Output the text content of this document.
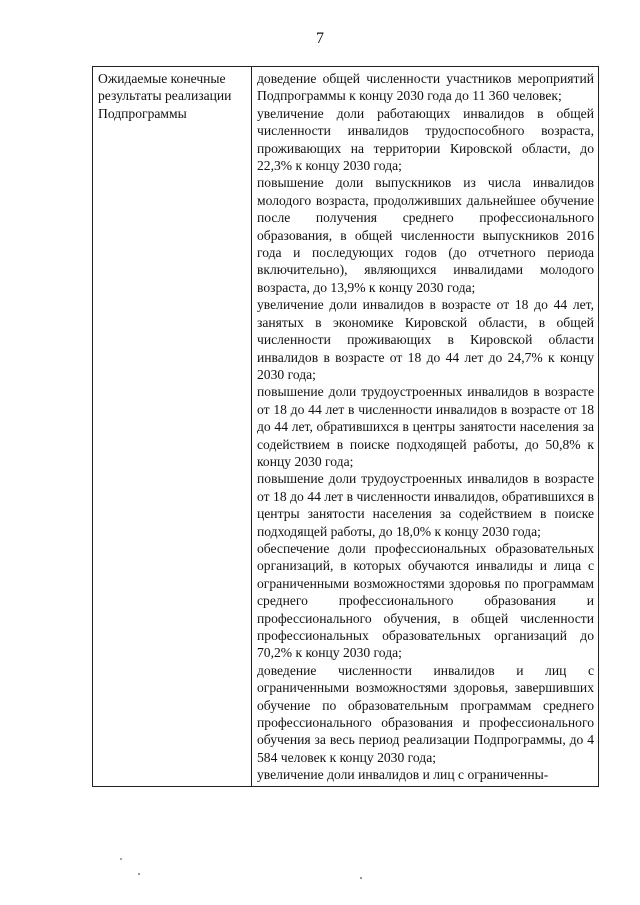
7
Ожидаемые конечные результаты реализации Подпрограммы

доведение общей численности участников мероприятий Подпрограммы к концу 2030 года до 11 360 человек;
увеличение доли работающих инвалидов в общей численности инвалидов трудоспособного возраста, проживающих на территории Кировской области, до 22,3% к концу 2030 года;
повышение доли выпускников из числа инвалидов молодого возраста, продолживших дальнейшее обучение после получения среднего профессионального образования, в общей численности выпускников 2016 года и последующих годов (до отчетного периода включительно), являющихся инвалидами молодого возраста, до 13,9% к концу 2030 года;
увеличение доли инвалидов в возрасте от 18 до 44 лет, занятых в экономике Кировской области, в общей численности проживающих в Кировской области инвалидов в возрасте от 18 до 44 лет до 24,7% к концу 2030 года;
повышение доли трудоустроенных инвалидов в возрасте от 18 до 44 лет в численности инвалидов в возрасте от 18 до 44 лет, обратившихся в центры занятости населения за содействием в поиске подходящей работы, до 50,8% к концу 2030 года;
повышение доли трудоустроенных инвалидов в возрасте от 18 до 44 лет в численности инвалидов, обратившихся в центры занятости населения за содействием в поиске подходящей работы, до 18,0% к концу 2030 года;
обеспечение доли профессиональных образовательных организаций, в которых обучаются инвалиды и лица с ограниченными возможностями здоровья по программам среднего профессионального образования и профессионального обучения, в общей численности профессиональных образовательных организаций до 70,2% к концу 2030 года;
доведение численности инвалидов и лиц с ограниченными возможностями здоровья, завершивших обучение по образовательным программам среднего профессионального образования и профессионального обучения за весь период реализации Подпрограммы, до 4 584 человек к концу 2030 года;
увеличение доли инвалидов и лиц с ограниченны-
